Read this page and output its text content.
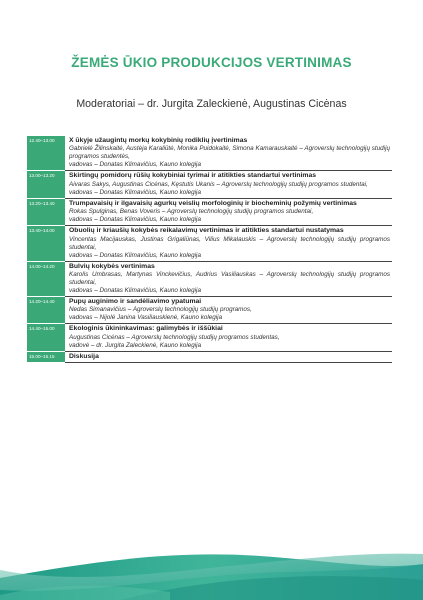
ŽEMĖS ŪKIO PRODUKCIJOS VERTINIMAS
Moderatoriai – dr. Jurgita Zaleckienė, Augustinas Cicėnas
12.40–13.00	X ūkyje užaugintų morkų kokybinių rodiklių įvertinimas
Gabrielė Žilinskaitė, Austėja Karaliūtė, Monika Puidokaitė, Simona Kamarauskaitė – Agroverslų technologijų studijų programos studentės,
vadovas – Donatas Klimavičius, Kauno kolegija

13.00–13.20	Skirtingų pomidorų rūšių kokybiniai tyrimai ir atitikties standartui vertinimas
Aivaras Sakys, Augustinas Cicėnas, Kęstutis Ukanis – Agroverslų technologijų studijų programos studentai,
vadovas – Donatas Klimavičius, Kauno kolegija

13.20–13.40	Trumpavaisių ir ilgavaisių agurkų veislių morfologinių ir biocheminių požymių vertinimas
Rokas Spulginas, Benas Voveris – Agroverslų technologijų studijų programos studentai,
vadovas – Donatas Klimavičius, Kauno kolegija

13.40–14.00	Obuolių ir kriaušių kokybės reikalavimų vertinimas ir atitikties standartui nustatymas
Vincentas Macijauskas, Justinas Grigaliūnas, Vilius Mikalauskis – Agroverslų technologijų studijų programos studentai,
vadovas – Donatas Klimavičius, Kauno kolegija

14.00–14.20	Bulvių kokybės vertinimas
Karolis Umbrasas, Martynas Vinckevičius, Audrius Vasiliauskas – Agroverslų technologijų studijų programos studentai,
vadovas – Donatas Klimavičius, Kauno kolegija

14.20–14.40	Pupų auginimo ir sandėliavimo ypatumai
Nedas Simanavičius – Agroverslų technologijų studijų programos,
vadovas – Nijolė Janina Vasiliauskienė, Kauno kolegija

14.40–15.00	Ekologinis ūkininkavimas: galimybės ir iššūkiai
Augustinas Cicėnas – Agroverslų technologijų studijų programos studentas,
vadovė – dr. Jurgita Zaleckienė, Kauno kolegija

15.00–15.15	Diskusija
